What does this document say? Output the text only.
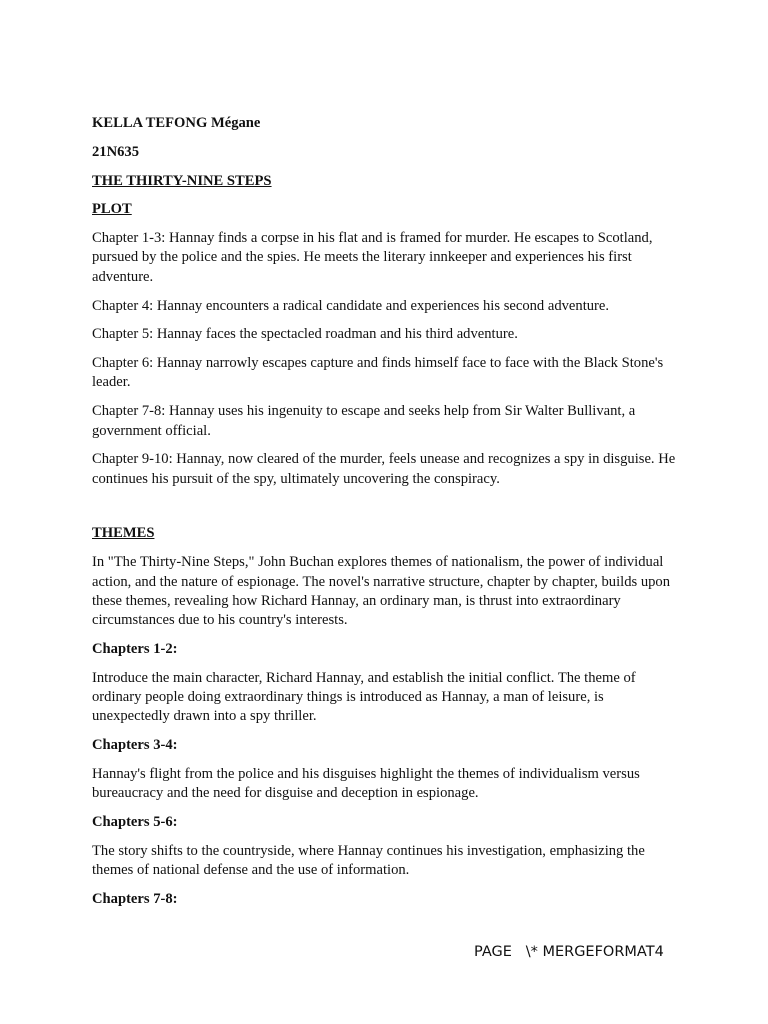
KELLA TEFONG Mégane

21N635

THE THIRTY-NINE STEPS

PLOT

Chapter 1-3: Hannay finds a corpse in his flat and is framed for murder. He escapes to Scotland, pursued by the police and the spies. He meets the literary innkeeper and experiences his first adventure.

Chapter 4: Hannay encounters a radical candidate and experiences his second adventure.

Chapter 5: Hannay faces the spectacled roadman and his third adventure.

Chapter 6: Hannay narrowly escapes capture and finds himself face to face with the Black Stone's leader.

Chapter 7-8: Hannay uses his ingenuity to escape and seeks help from Sir Walter Bullivant, a government official.

Chapter 9-10: Hannay, now cleared of the murder, feels unease and recognizes a spy in disguise. He continues his pursuit of the spy, ultimately uncovering the conspiracy.

THEMES

In "The Thirty-Nine Steps," John Buchan explores themes of nationalism, the power of individual action, and the nature of espionage. The novel's narrative structure, chapter by chapter, builds upon these themes, revealing how Richard Hannay, an ordinary man, is thrust into extraordinary circumstances due to his country's interests.

Chapters 1-2:

Introduce the main character, Richard Hannay, and establish the initial conflict. The theme of ordinary people doing extraordinary things is introduced as Hannay, a man of leisure, is unexpectedly drawn into a spy thriller.

Chapters 3-4:

Hannay's flight from the police and his disguises highlight the themes of individualism versus bureaucracy and the need for disguise and deception in espionage.

Chapters 5-6:

The story shifts to the countryside, where Hannay continues his investigation, emphasizing the themes of national defense and the use of information.

Chapters 7-8:

PAGE   \* MERGEFORMAT4
